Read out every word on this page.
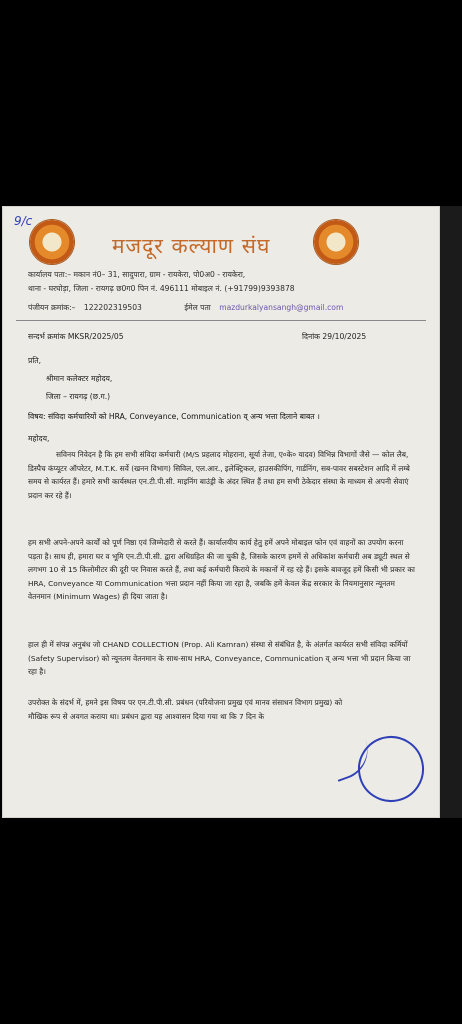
9/c
मजदूर कल्याण संघ
कार्यालय पता:– मकान नं0– 31, सादुपारा, ग्राम - रायकेरा, पो0अ0 - रायकेरा,
थाना - घरघोड़ा, जिला - रायगढ़ छ0ग0 पिन नं. 496111 मोबाइल नं. (+91799)9393878
पंजीयन क्रमांक:– 122202319503	ईमेल पता mazdurkalyansangh@gmail.com
सन्दर्भ क्रमांक MKSR/2025/05	दिनांक 29/10/2025
प्रति,
श्रीमान कलेक्टर महोदय,
जिला – रायगढ़ (छ.ग.)
विषय: संविदा कर्मचारियों को HRA, Conveyance, Communication व् अन्य भत्ता दिलाने बाबत ।
महोदय,

सविनय निवेदन है कि हम सभी संविदा कर्मचारी (M/S प्रहलाद मोहराना, सूर्या तेजा, ए०के० यादव) विभिन्न विभागों जैसे — कोल लैब, डिस्पैच कंप्यूटर ऑपरेटर, M.T.K. सर्वे (खनन विभाग) सिविल, एल.आर., इलेक्ट्रिकल, हाउसकीपिंग, गार्डनिंग, सब-पावर सबस्टेशन आदि में लम्बे समय से कार्यरत हैं। हमारे सभी कार्यस्थल एन.टी.पी.सी. माइनिंग बाउंड्री के अंदर स्थित हैं तथा हम सभी ठेकेदार संस्था के माध्यम से अपनी सेवाएं प्रदान कर रहे हैं।

हम सभी अपने-अपने कार्यों को पूर्ण निष्ठा एवं जिम्मेदारी से करते हैं। कार्यालयीय कार्य हेतु हमें अपने मोबाइल फोन एवं वाहनों का उपयोग करना पड़ता है। साथ ही, हमारा घर व भूमि एन.टी.पी.सी. द्वारा अधिग्रहित की जा चुकी है, जिसके कारण हममें से अधिकांश कर्मचारी अब ड्यूटी स्थल से लगभग 10 से 15 किलोमीटर की दूरी पर निवास करते हैं, तथा कई कर्मचारी किराये के मकानों में रह रहे हैं। इसके बावजूद हमें किसी भी प्रकार का HRA, Conveyance या Communication भत्ता प्रदान नहीं किया जा रहा है, जबकि हमें केवल केंद्र सरकार के नियमानुसार न्यूनतम वेतनमान (Minimum Wages) ही दिया जाता है।

हाल ही में संपन्न अनुबंध जो CHAND COLLECTION (Prop. Ali Kamran) संस्था से संबंधित है, के अंतर्गत कार्यरत सभी संविदा कर्मियों (Safety Supervisor) को न्यूनतम वेतनमान के साथ-साथ HRA, Conveyance, Communication व् अन्य भत्ता भी प्रदान किया जा रहा है।

उपरोक्त के संदर्भ में, हमने इस विषय पर एन.टी.पी.सी. प्रबंधन (परियोजना प्रमुख एवं मानव संसाधन विभाग प्रमुख) को मौखिक रूप से अवगत कराया था। प्रबंधन द्वारा यह आश्वासन दिया गया था कि 7 दिन के
